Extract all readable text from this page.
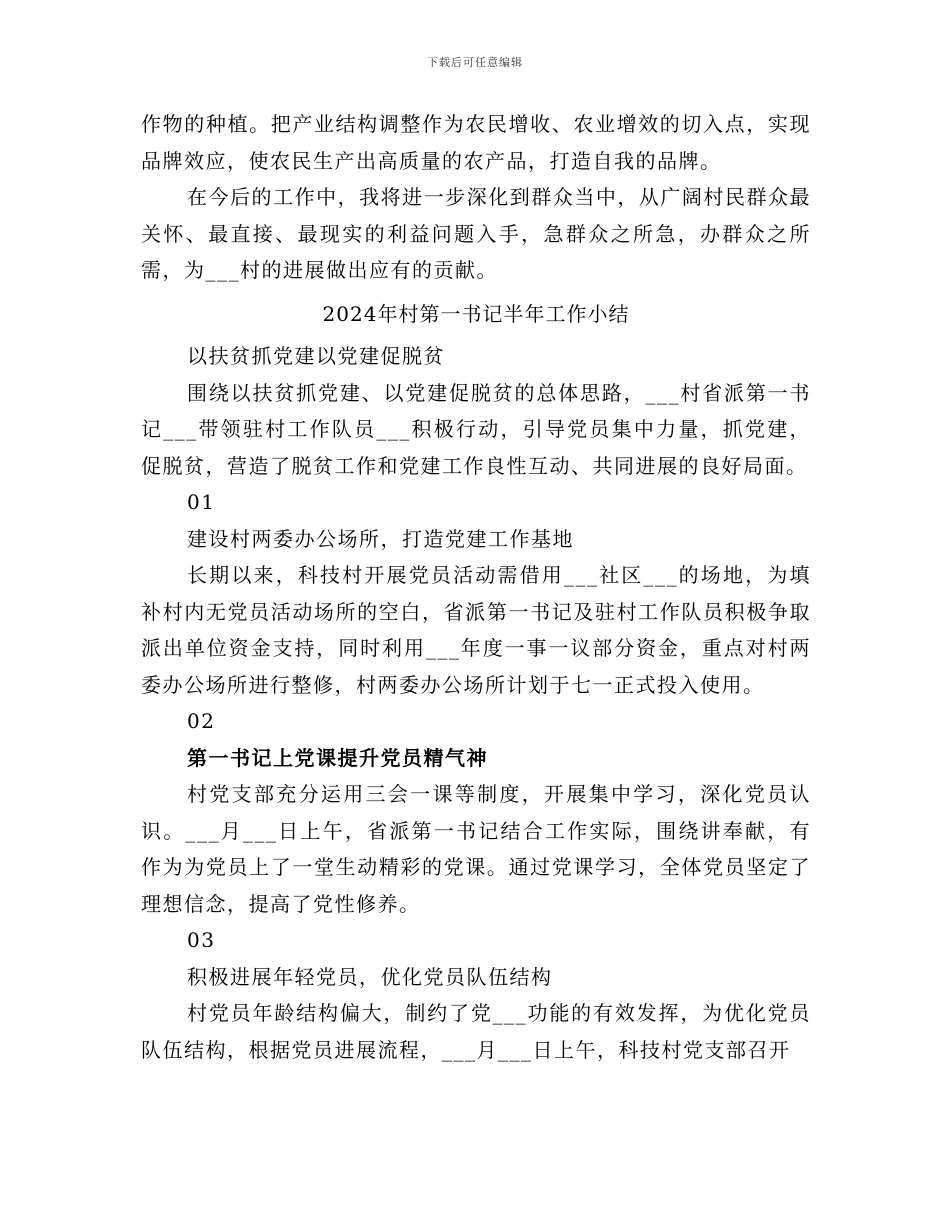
下载后可任意编辑

作物的种植。把产业结构调整作为农民增收、农业增效的切入点，实现品牌效应，使农民生产出高质量的农产品，打造自我的品牌。

在今后的工作中，我将进一步深化到群众当中，从广阔村民群众最关怀、最直接、最现实的利益问题入手，急群众之所急，办群众之所需，为___村的进展做出应有的贡献。

2024年村第一书记半年工作小结

以扶贫抓党建以党建促脱贫

围绕以扶贫抓党建、以党建促脱贫的总体思路，___村省派第一书记___带领驻村工作队员___积极行动，引导党员集中力量，抓党建，促脱贫，营造了脱贫工作和党建工作良性互动、共同进展的良好局面。

01

建设村两委办公场所，打造党建工作基地

长期以来，科技村开展党员活动需借用___社区___的场地，为填补村内无党员活动场所的空白，省派第一书记及驻村工作队员积极争取派出单位资金支持，同时利用___年度一事一议部分资金，重点对村两委办公场所进行整修，村两委办公场所计划于七一正式投入使用。

02

第一书记上党课提升党员精气神

村党支部充分运用三会一课等制度，开展集中学习，深化党员认识。___月___日上午，省派第一书记结合工作实际，围绕讲奉献，有作为为党员上了一堂生动精彩的党课。通过党课学习，全体党员坚定了理想信念，提高了党性修养。

03

积极进展年轻党员，优化党员队伍结构

村党员年龄结构偏大，制约了党___功能的有效发挥，为优化党员队伍结构，根据党员进展流程，___月___日上午，科技村党支部召开
